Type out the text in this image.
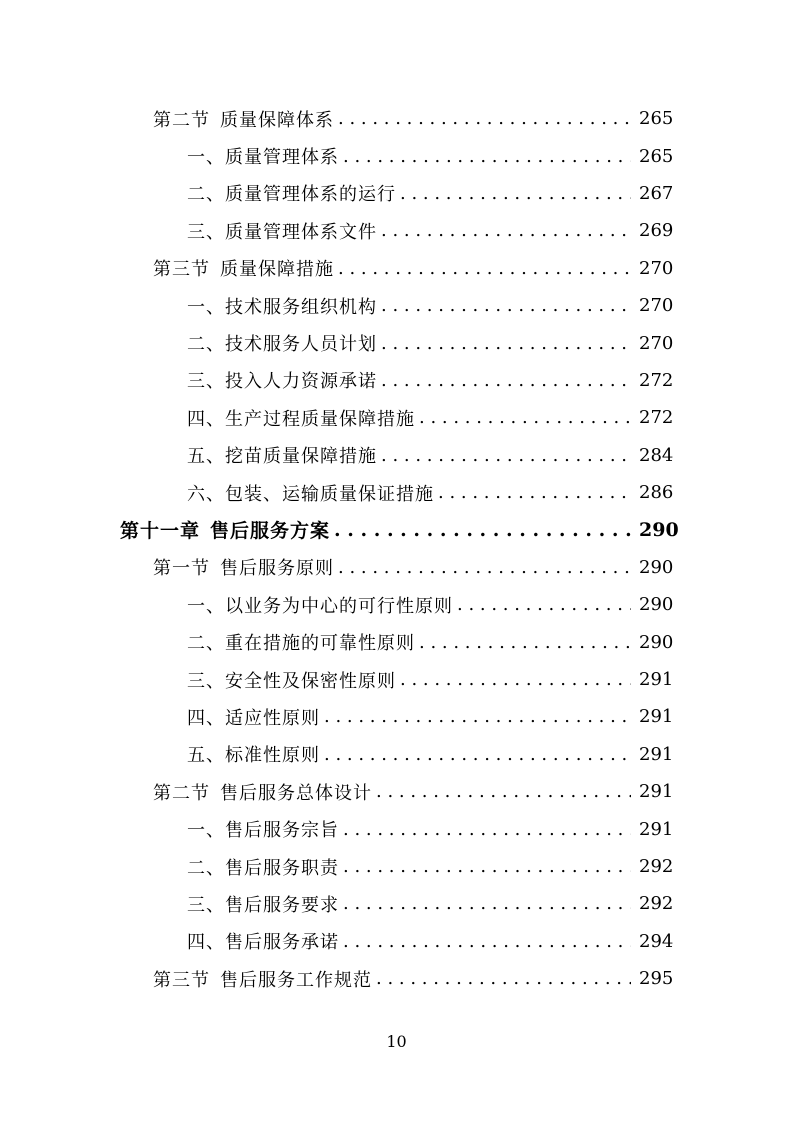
第二节 质量保障体系 . . .	265
一、质量管理体系 . . .	265
二、质量管理体系的运行 . . .	267
三、质量管理体系文件 . . .	269
第三节 质量保障措施 . . .	270
一、技术服务组织机构 . . .	270
二、技术服务人员计划 . . .	270
三、投入人力资源承诺 . . .	272
四、生产过程质量保障措施 . . .	272
五、挖苗质量保障措施 . . .	284
六、包装、运输质量保证措施 . . .	286
第十一章 售后服务方案 . . .	290
第一节 售后服务原则 . . .	290
一、以业务为中心的可行性原则 . . .	290
二、重在措施的可靠性原则 . . .	290
三、安全性及保密性原则 . . .	291
四、适应性原则 . . .	291
五、标准性原则 . . .	291
第二节 售后服务总体设计 . . .	291
一、售后服务宗旨 . . .	291
二、售后服务职责 . . .	292
三、售后服务要求 . . .	292
四、售后服务承诺 . . .	294
第三节 售后服务工作规范 . . .	295
10
